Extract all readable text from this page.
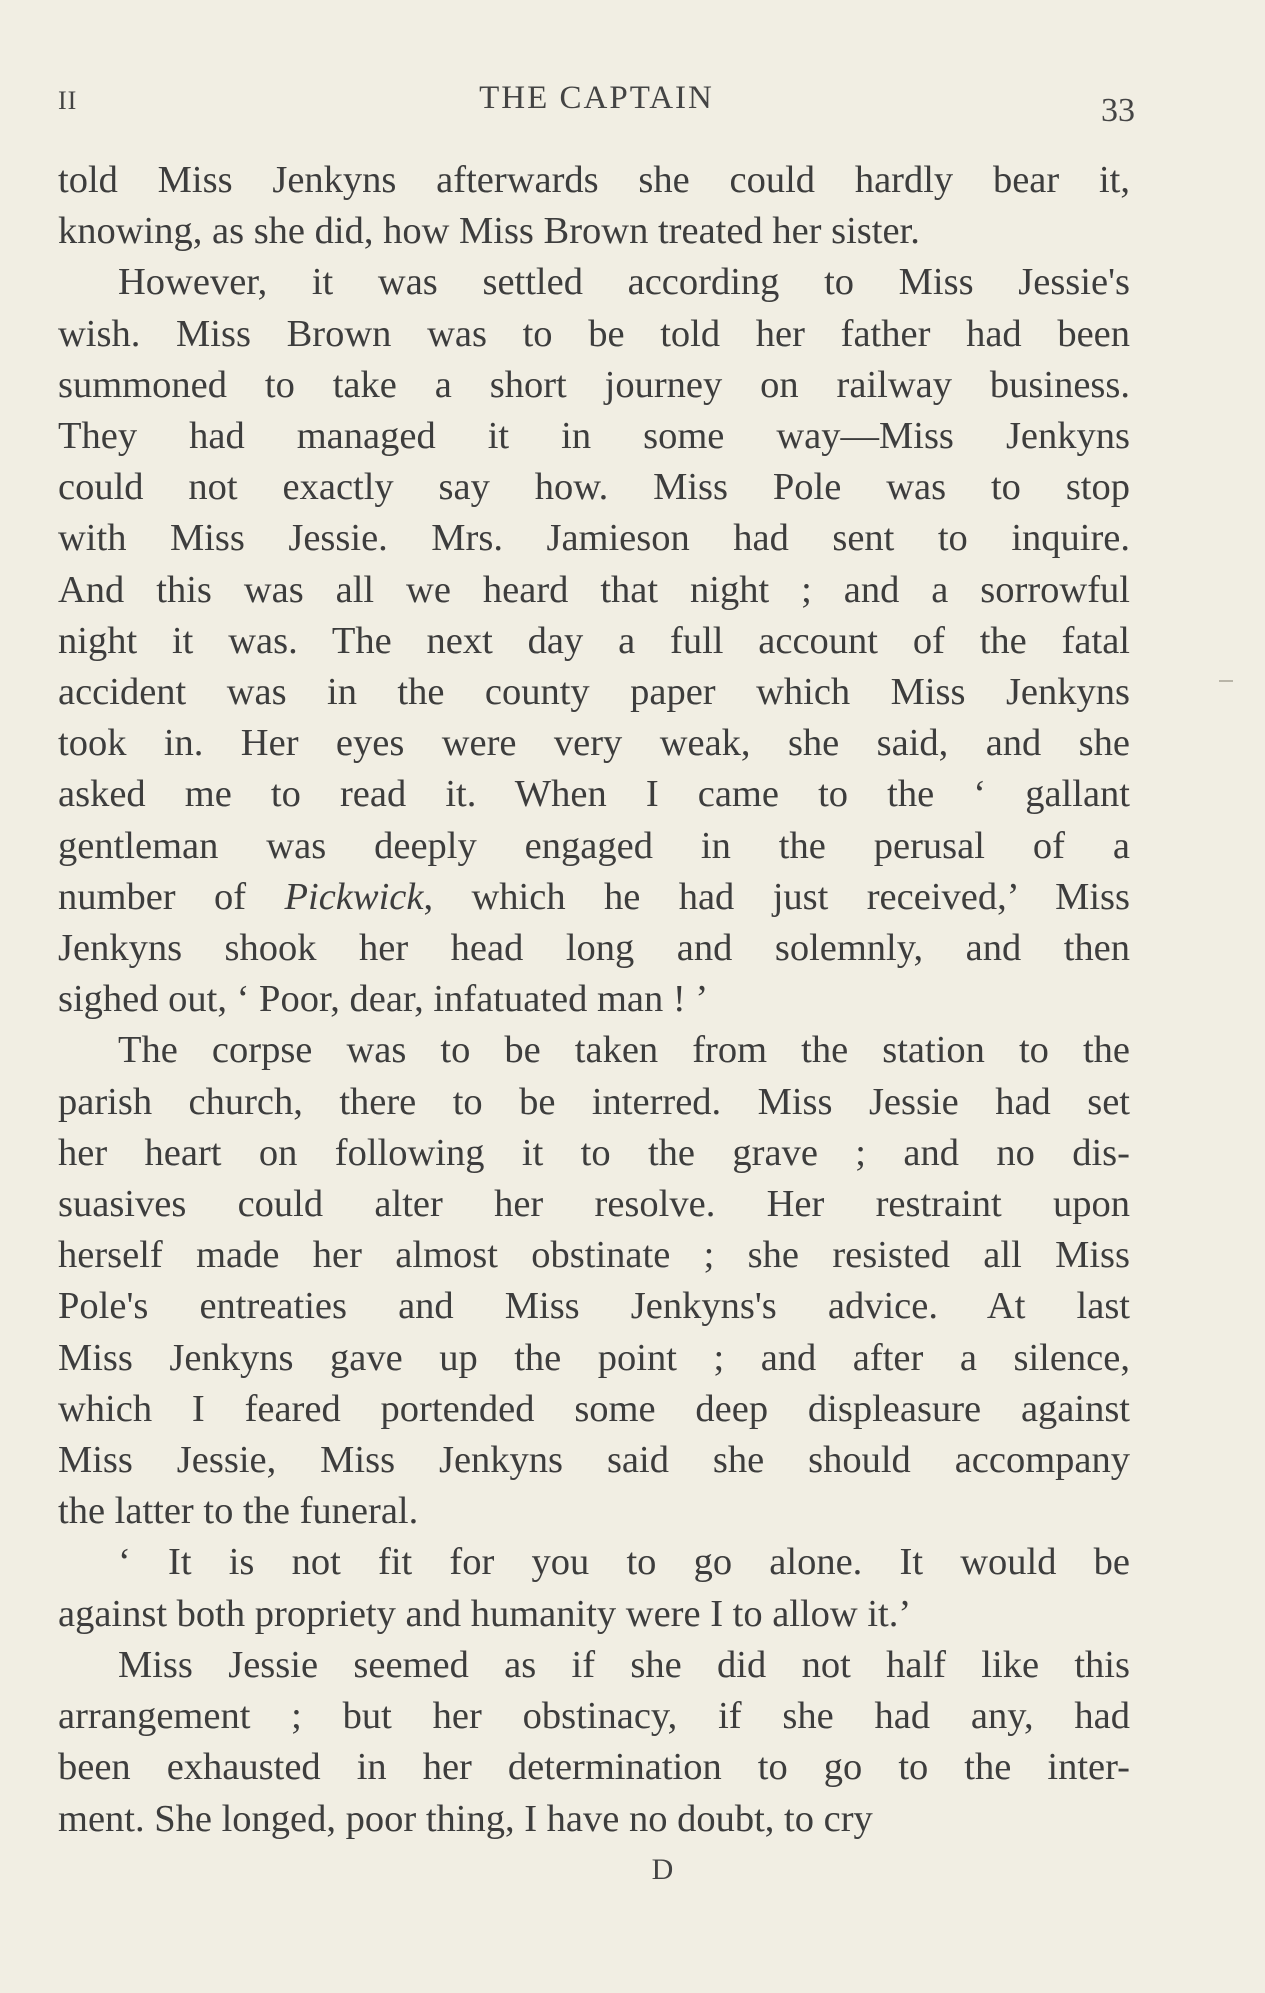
II	THE CAPTAIN	33

told Miss Jenkyns afterwards she could hardly bear it,
knowing, as she did, how Miss Brown treated her sister.

However, it was settled according to Miss Jessie's
wish. Miss Brown was to be told her father had been
summoned to take a short journey on railway business.
They had managed it in some way—Miss Jenkyns
could not exactly say how. Miss Pole was to stop
with Miss Jessie. Mrs. Jamieson had sent to inquire.
And this was all we heard that night ; and a sorrowful
night it was. The next day a full account of the fatal
accident was in the county paper which Miss Jenkyns
took in. Her eyes were very weak, she said, and she
asked me to read it. When I came to the ‘ gallant
gentleman was deeply engaged in the perusal of a
number of Pickwick, which he had just received,’ Miss
Jenkyns shook her head long and solemnly, and then
sighed out, ‘ Poor, dear, infatuated man ! ’

The corpse was to be taken from the station to the
parish church, there to be interred. Miss Jessie had set
her heart on following it to the grave ; and no dis-
suasives could alter her resolve. Her restraint upon
herself made her almost obstinate ; she resisted all Miss
Pole's entreaties and Miss Jenkyns's advice. At last
Miss Jenkyns gave up the point ; and after a silence,
which I feared portended some deep displeasure against
Miss Jessie, Miss Jenkyns said she should accompany
the latter to the funeral.

‘ It is not fit for you to go alone. It would be
against both propriety and humanity were I to allow it.’

Miss Jessie seemed as if she did not half like this
arrangement ; but her obstinacy, if she had any, had
been exhausted in her determination to go to the inter-
ment. She longed, poor thing, I have no doubt, to cry

D
